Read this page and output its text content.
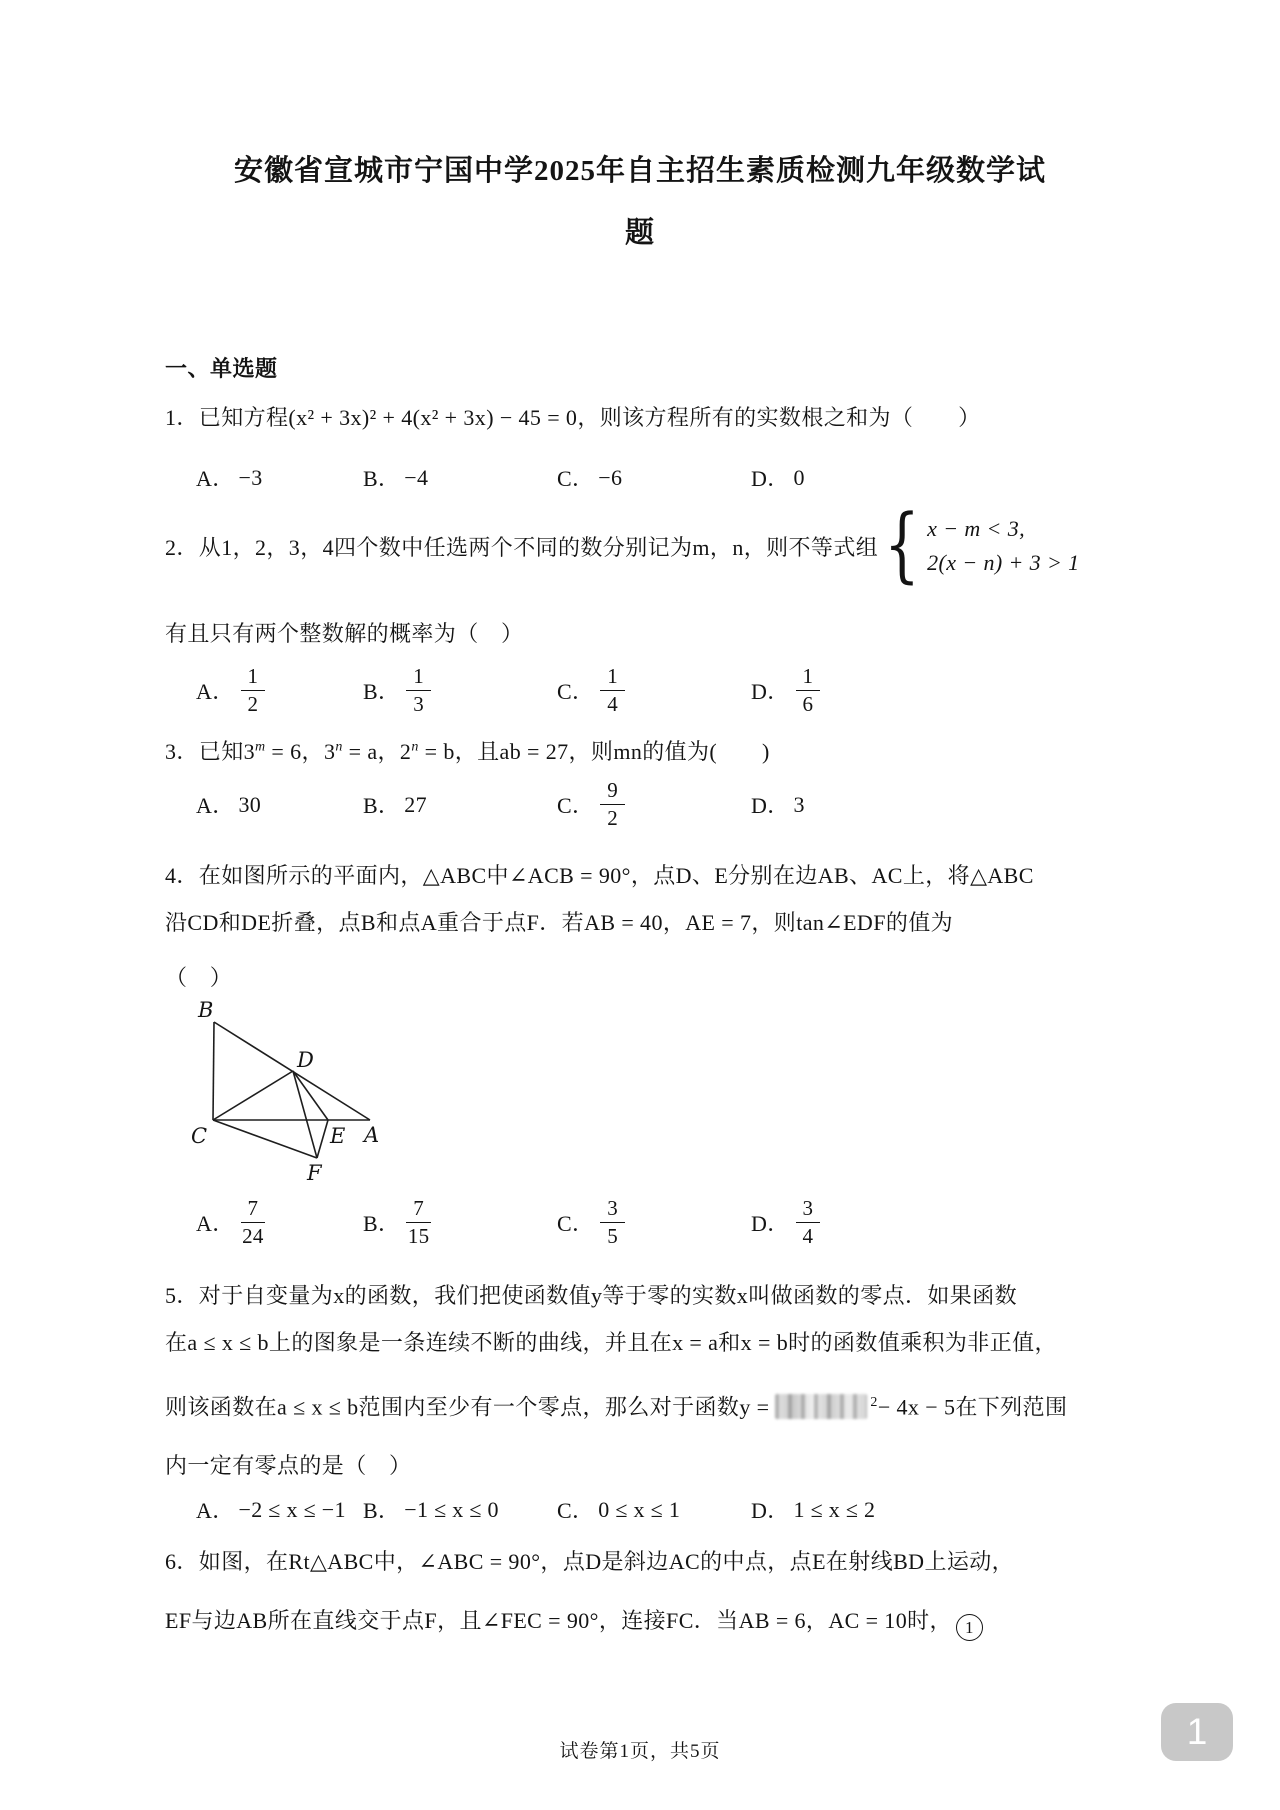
安徽省宣城市宁国中学2025年自主招生素质检测九年级数学试题
一、单选题

1．已知方程(x² + 3x)² + 4(x² + 3x) − 45 = 0，则该方程所有的实数根之和为（　　）

A． −3	B． −4	C． −6	D． 0
2．从1，2，3，4四个数中任选两个不同的数分别记为m，n，则不等式组 { x − m < 3,
2(x − n) + 3 > 1

有且只有两个整数解的概率为（　）

A． $\frac{1}{2}$	B． $\frac{1}{3}$	C． $\frac{1}{4}$	D． $\frac{1}{6}$

3．已知$3^m = 6$，$3^n = a$，$2^n = b$，且ab = 27，则mn的值为(　　)

A． 30	B． 27	C． $\frac{9}{2}$	D． 3

4．在如图所示的平面内，△ABC中∠ACB = 90°，点D、E分别在边AB、AC上，将△ABC

沿CD和DE折叠，点B和点A重合于点F．若AB = 40，AE = 7，则tan∠EDF的值为

（　）

B
D
C	E A
F
A． $\frac{7}{24}$	B． $\frac{7}{15}$	C． $\frac{3}{5}$	D． $\frac{3}{4}$

5．对于自变量为x的函数，我们把使函数值y等于零的实数x叫做函数的零点．如果函数

在a ≤ x ≤ b上的图象是一条连续不断的曲线，并且在x = a和x = b时的函数值乘积为非正值，

则该函数在a ≤ x ≤ b范围内至少有一个零点，那么对于函数y =	$^2$− 4x − 5在下列范围

内一定有零点的是（　）

A． −2 ≤ x ≤ −1 B． −1 ≤ x ≤ 0	C． 0 ≤ x ≤ 1	D． 1 ≤ x ≤ 2

6．如图，在Rt△ABC中，∠ABC = 90°，点D是斜边AC的中点，点E在射线BD上运动，

EF与边AB所在直线交于点F，且∠FEC = 90°，连接FC．当AB = 6，AC = 10时， 1

试卷第1页，共5页	1
